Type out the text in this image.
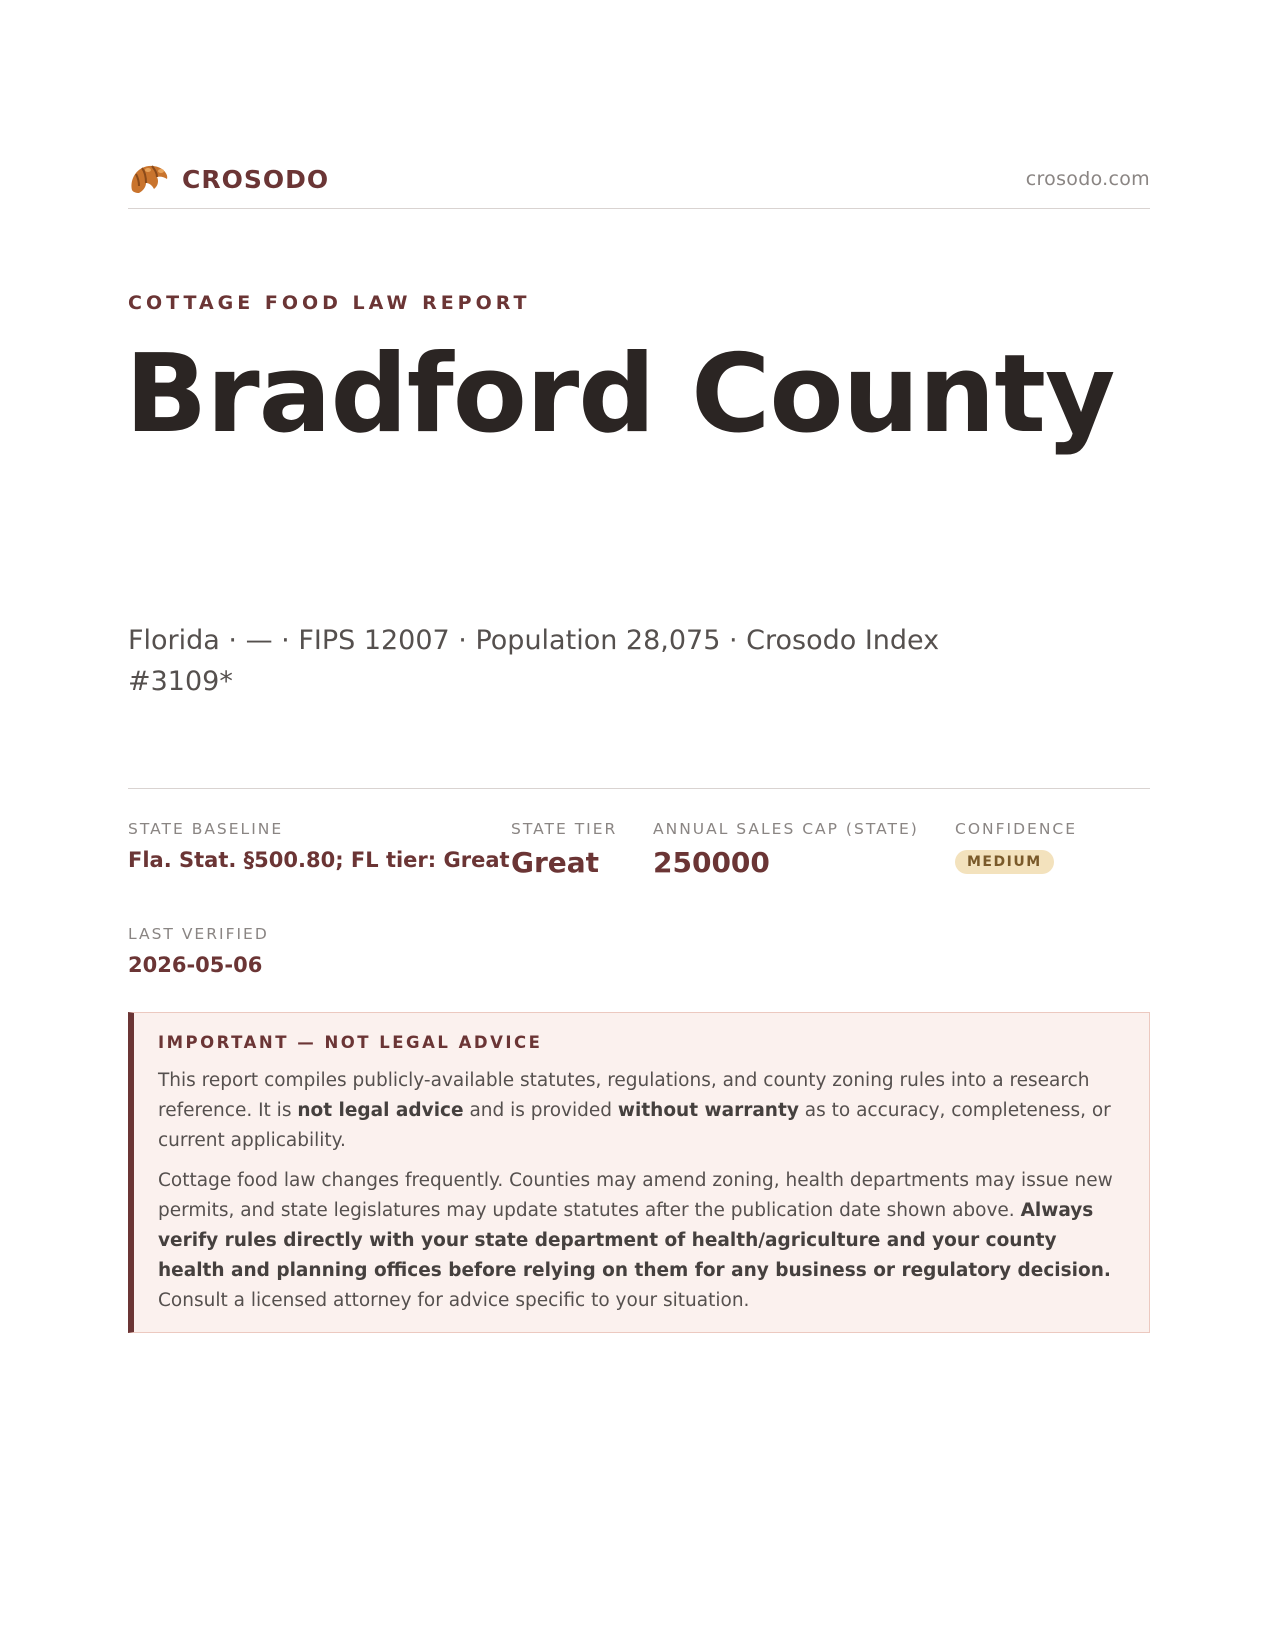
CROSODO	crosodo.com
COTTAGE FOOD LAW REPORT
Bradford County
Florida · — · FIPS 12007 · Population 28,075 · Crosodo Index #3109*
STATE BASELINE
Fla. Stat. §500.80; FL tier: Great
STATE TIER
Great
ANNUAL SALES CAP (STATE)
250000
CONFIDENCE
MEDIUM
LAST VERIFIED
2026-05-06
IMPORTANT — NOT LEGAL ADVICE

This report compiles publicly-available statutes, regulations, and county zoning rules into a research reference. It is not legal advice and is provided without warranty as to accuracy, completeness, or current applicability.

Cottage food law changes frequently. Counties may amend zoning, health departments may issue new permits, and state legislatures may update statutes after the publication date shown above. Always verify rules directly with your state department of health/agriculture and your county health and planning offices before relying on them for any business or regulatory decision. Consult a licensed attorney for advice specific to your situation.
